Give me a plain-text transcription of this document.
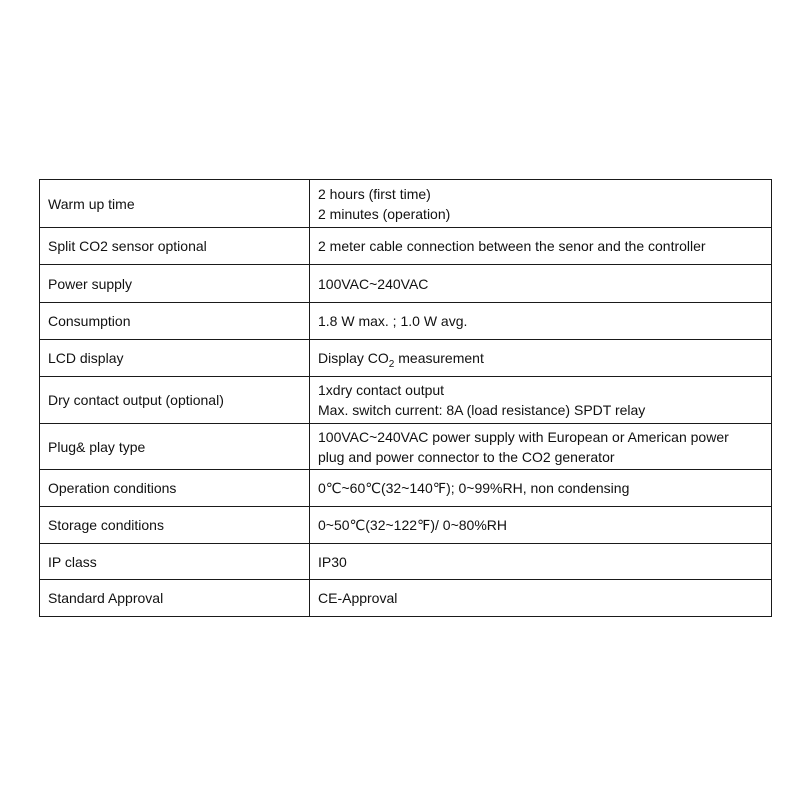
Warm up time	2 hours (first time)
2 minutes (operation)

Split CO2 sensor optional	2 meter cable connection between the senor and the controller

Power supply	100VAC~240VAC

Consumption	1.8 W max. ; 1.0 W avg.

LCD display	Display $CO_2$ measurement
Dry contact output (optional)	1xdry contact output
Max. switch current: 8A (load resistance) SPDT relay

Plug& play type	100VAC~240VAC power supply with European or American power
plug and power connector to the CO2 generator

Operation conditions	0℃~60℃(32~140℉); 0~99%RH, non condensing

Storage conditions	0~50℃(32~122℉)/ 0~80%RH

IP class	IP30

Standard Approval	CE-Approval
